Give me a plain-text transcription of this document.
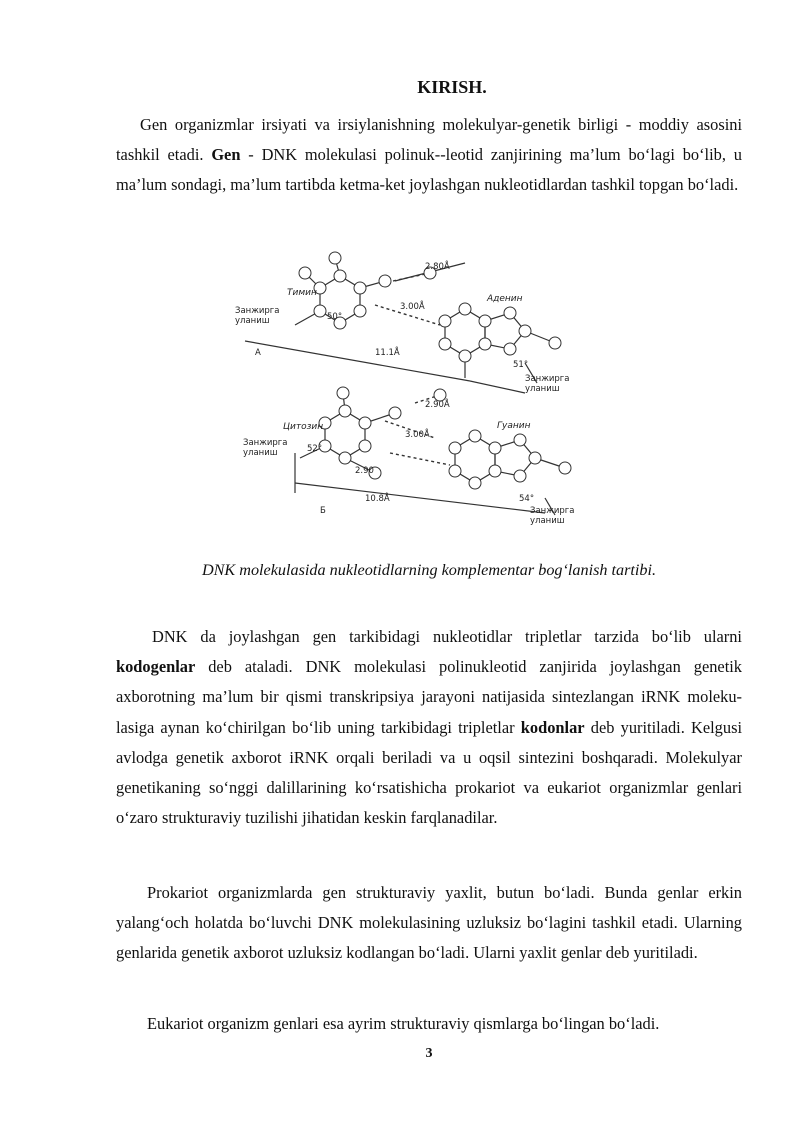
KIRISH.

Gen organizmlar irsiyati va irsiylanishning molekulyar-genetik birligi - moddiy asosini tashkil etadi. Gen - DNK molekulasi polinuk--leotid zanjirining ma’lum bo‘lagi bo‘lib, u ma’lum sondagi, ma’lum tartibda ketma-ket joylashgan nukleotidlardan tashkil topgan bo‘ladi.

Тимин
Аденин
Цитозин	Гуанин
Занжирга уланиш
Занжирга уланиш
Занжирга уланиш
Занжирга уланиш
50°
51°
52°
54°
2.80Å
3.00Å
11.1Å
А
2.90Å
3.00Å
2.90
10.8Å
Б
DNK molekulasida nukleotidlarning komplementar bog‘lanish tartibi.

DNK da joylashgan gen tarkibidagi nukleotidlar tripletlar tarzida bo‘lib ularni kodogenlar deb ataladi. DNK molekulasi polinukleotid zanjirida joylashgan genetik axborotning ma’lum bir qismi transkripsiya jarayoni natijasida sintezlangan iRNK moleku- lasiga aynan ko‘chirilgan bo‘lib uning tarkibidagi tripletlar kodonlar deb yuritiladi. Kelgusi avlodga genetik axborot iRNK orqali beriladi va u oqsil sintezini boshqaradi. Molekulyar genetikaning so‘nggi dalillarining ko‘rsatishicha prokariot va eukariot organizmlar genlari o‘zaro strukturaviy tuzilishi jihatidan keskin farqlanadilar.

Prokariot organizmlarda gen strukturaviy yaxlit, butun bo‘ladi. Bunda genlar erkin yalang‘och holatda bo‘luvchi DNK molekulasining uzluksiz bo‘lagini tashkil etadi. Ularning genlarida genetik axborot uzluksiz kodlangan bo‘ladi. Ularni yaxlit genlar deb yuritiladi.

Eukariot organizm genlari esa ayrim strukturaviy qismlarga bo‘lingan bo‘ladi.

3
